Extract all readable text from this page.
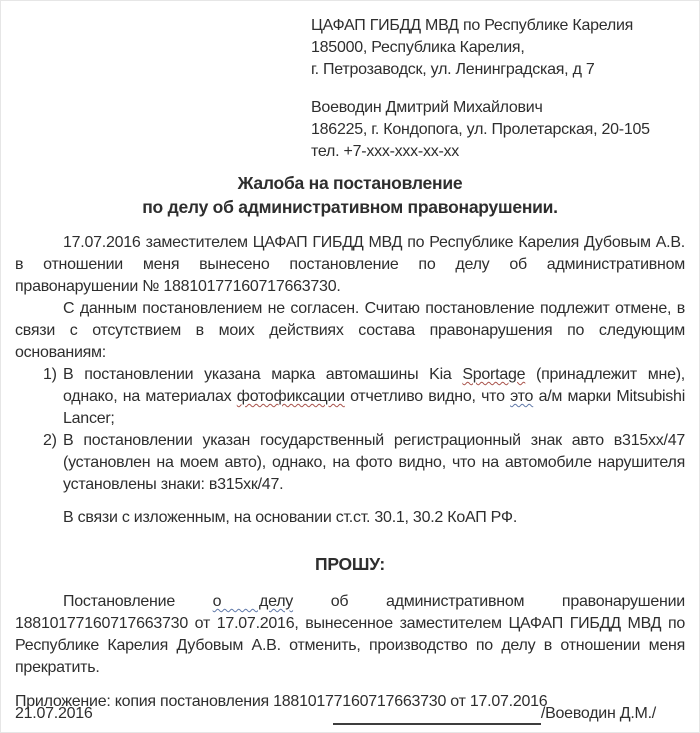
ЦАФАП ГИБДД МВД по Республике Карелия
185000, Республика Карелия,
г. Петрозаводск, ул. Ленинградская, д 7
Воеводин Дмитрий Михайлович
186225, г. Кондопога, ул. Пролетарская, 20-105
тел. +7-xxx-xxx-xx-xx
Жалоба на постановление
по делу об административном правонарушении.

17.07.2016 заместителем ЦАФАП ГИБДД МВД по Республике Карелия Дубовым А.В. в отношении меня вынесено постановление по делу об административном правонарушении № 18810177160717663730.

С данным постановлением не согласен. Считаю постановление подлежит отмене, в связи с отсутствием в моих действиях состава правонарушения по следующим основаниям:

1) В постановлении указана марка автомашины Kia Sportage (принадлежит мне), однако, на материалах фотофиксации отчетливо видно, что это а/м марки Mitsubishi Lancer;
2) В постановлении указан государственный регистрационный знак авто в315хх/47 (установлен на моем авто), однако, на фото видно, что на автомобиле нарушителя установлены знаки: в315хк/47.

В связи с изложенным, на основании ст.ст. 30.1, 30.2 КоАП РФ.

ПРОШУ:

Постановление о делу об административном правонарушении 18810177160717663730 от 17.07.2016, вынесенное заместителем ЦАФАП ГИБДД МВД по Республике Карелия Дубовым А.В. отменить, производство по делу в отношении меня прекратить.

Приложение: копия постановления 18810177160717663730 от 17.07.2016

21.07.2016	/Воеводин Д.М./
